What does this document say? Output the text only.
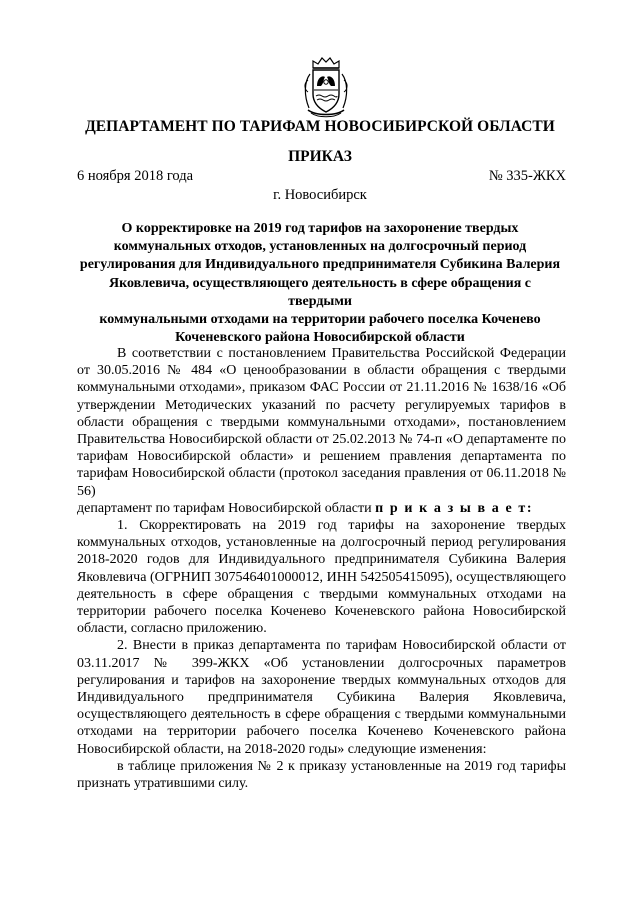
ДЕПАРТАМЕНТ ПО ТАРИФАМ НОВОСИБИРСКОЙ ОБЛАСТИ
ПРИКАЗ
6 ноября 2018 года	№ 335-ЖКХ
г. Новосибирск
О корректировке на 2019 год тарифов на захоронение твердых
коммунальных отходов, установленных на долгосрочный период
регулирования для Индивидуального предпринимателя Субикина Валерия
Яковлевича, осуществляющего деятельность в сфере обращения с твердыми
коммунальными отходами на территории рабочего поселка Коченево
Коченевского района Новосибирской области

В соответствии с постановлением Правительства Российской Федерации от 30.05.2016 № 484 «О ценообразовании в области обращения с твердыми коммунальными отходами», приказом ФАС России от 21.11.2016 № 1638/16 «Об утверждении Методических указаний по расчету регулируемых тарифов в области обращения с твердыми коммунальными отходами», постановлением Правительства Новосибирской области от 25.02.2013 № 74-п «О департаменте по тарифам Новосибирской области» и решением правления департамента по тарифам Новосибирской области (протокол заседания правления от 06.11.2018 № 56)

департамент по тарифам Новосибирской области п р и к а з ы в а е т:

1. Скорректировать на 2019 год тарифы на захоронение твердых коммунальных отходов, установленные на долгосрочный период регулирования 2018-2020 годов для Индивидуального предпринимателя Субикина Валерия Яковлевича (ОГРНИП 307546401000012, ИНН 542505415095), осуществляющего деятельность в сфере обращения с твердыми коммунальных отходами на территории рабочего поселка Коченево Коченевского района Новосибирской области, согласно приложению.

2. Внести в приказ департамента по тарифам Новосибирской области от 03.11.2017 № 399-ЖКХ «Об установлении долгосрочных параметров регулирования и тарифов на захоронение твердых коммунальных отходов для Индивидуального предпринимателя Субикина Валерия Яковлевича, осуществляющего деятельность в сфере обращения с твердыми коммунальными отходами на территории рабочего поселка Коченево Коченевского района Новосибирской области, на 2018-2020 годы» следующие изменения:

в таблице приложения № 2 к приказу установленные на 2019 год тарифы признать утратившими силу.
